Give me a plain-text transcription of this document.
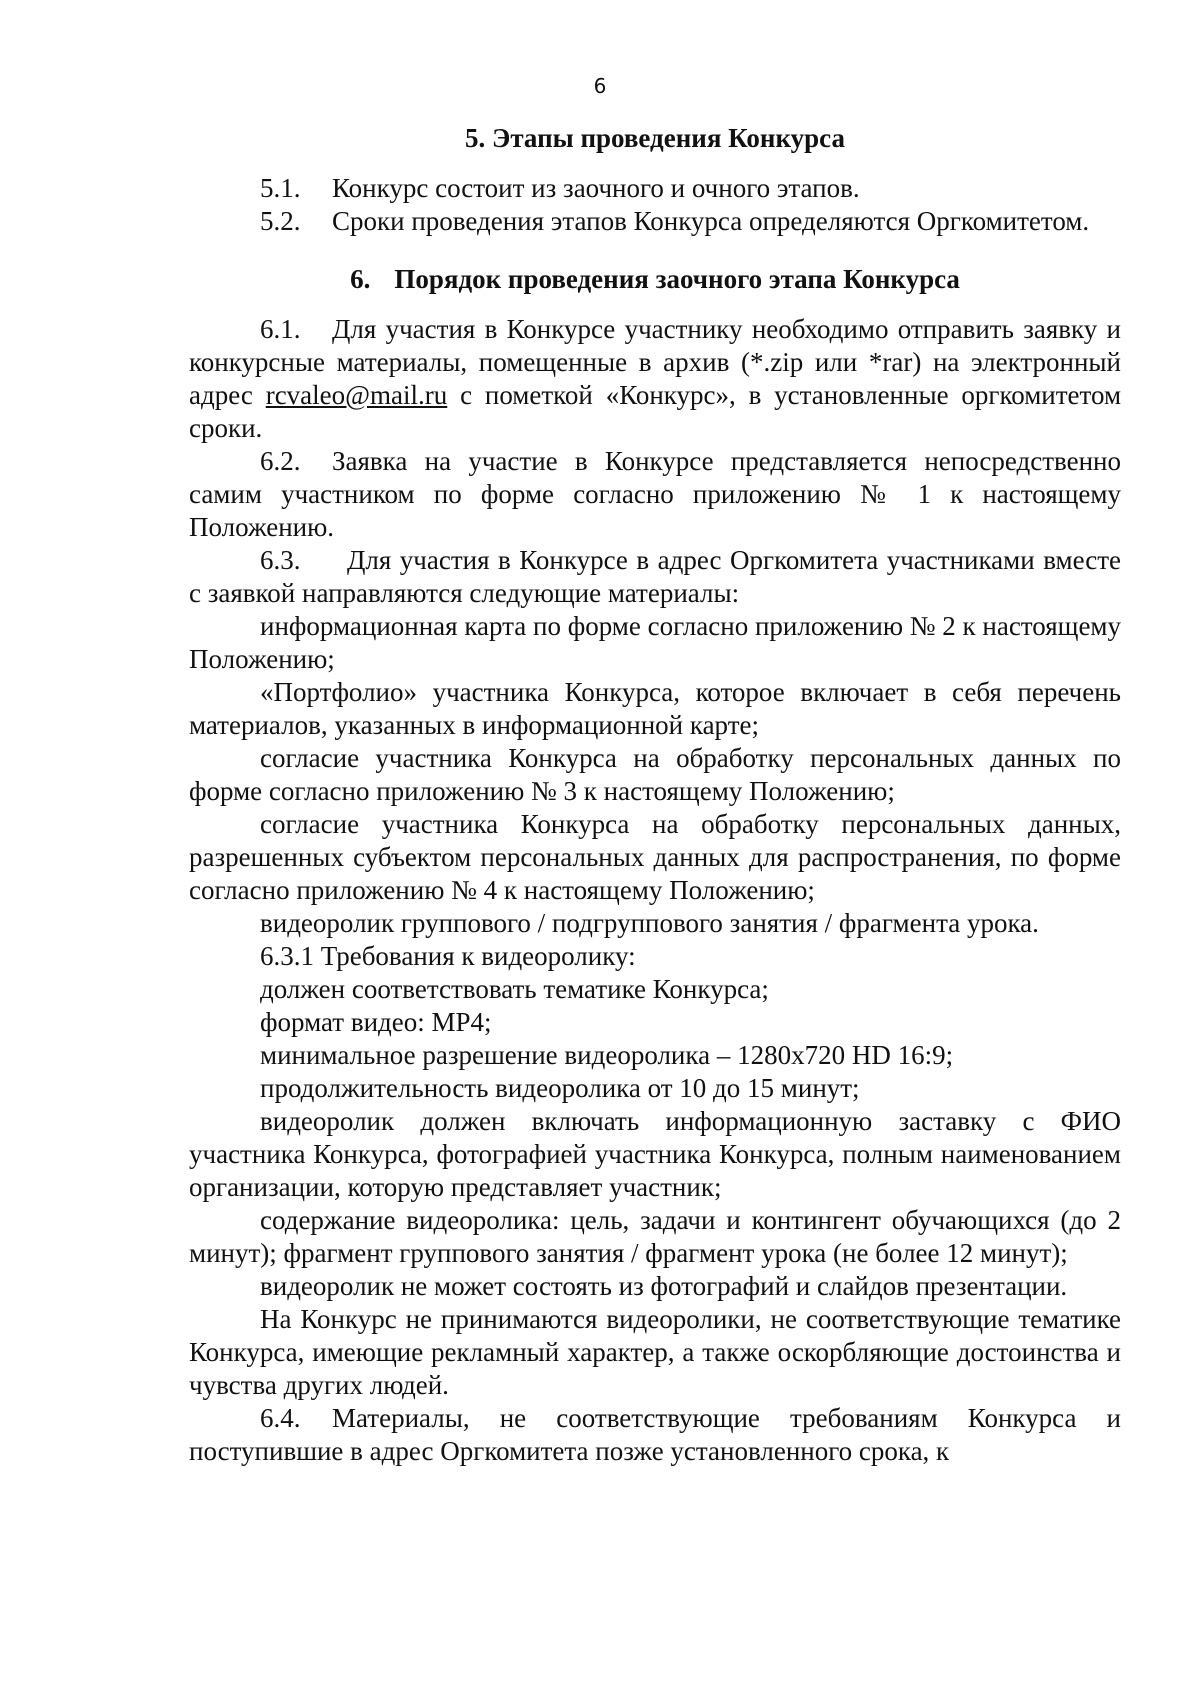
6
5. Этапы проведения Конкурса

5.1. Конкурс состоит из заочного и очного этапов.

5.2. Сроки проведения этапов Конкурса определяются Оргкомитетом.

6. Порядок проведения заочного этапа Конкурса

6.1. Для участия в Конкурсе участнику необходимо отправить заявку и конкурсные материалы, помещенные в архив (*.zip или *rar) на электронный адрес rcvaleo@mail.ru с пометкой «Конкурс», в установленные оргкомитетом сроки.

6.2. Заявка на участие в Конкурсе представляется непосредственно самим участником по форме согласно приложению № 1 к настоящему Положению.

6.3. Для участия в Конкурсе в адрес Оргкомитета участниками вместе с заявкой направляются следующие материалы:

информационная карта по форме согласно приложению № 2 к настоящему Положению;

«Портфолио» участника Конкурса, которое включает в себя перечень материалов, указанных в информационной карте;

согласие участника Конкурса на обработку персональных данных по форме согласно приложению № 3 к настоящему Положению;

согласие участника Конкурса на обработку персональных данных, разрешенных субъектом персональных данных для распространения, по форме согласно приложению № 4 к настоящему Положению;

видеоролик группового / подгруппового занятия / фрагмента урока.

6.3.1 Требования к видеоролику:

должен соответствовать тематике Конкурса;

формат видео: MP4;

минимальное разрешение видеоролика – 1280х720 HD 16:9;

продолжительность видеоролика от 10 до 15 минут;

видеоролик должен включать информационную заставку с ФИО участника Конкурса, фотографией участника Конкурса, полным наименованием организации, которую представляет участник;

содержание видеоролика: цель, задачи и контингент обучающихся (до 2 минут); фрагмент группового занятия / фрагмент урока (не более 12 минут);

видеоролик не может состоять из фотографий и слайдов презентации.

На Конкурс не принимаются видеоролики, не соответствующие тематике Конкурса, имеющие рекламный характер, а также оскорбляющие достоинства и чувства других людей.

6.4. Материалы, не соответствующие требованиям Конкурса и поступившие в адрес Оргкомитета позже установленного срока, к
